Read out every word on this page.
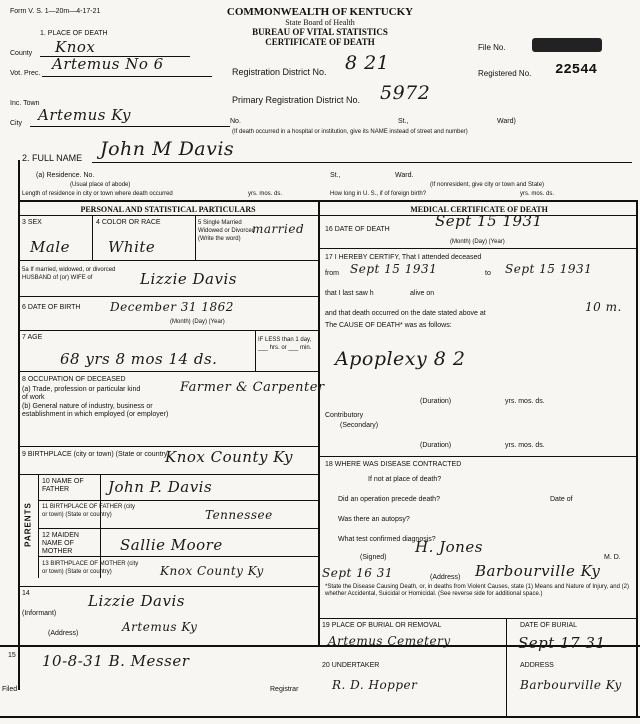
Form V. S. 1—20m—4-17-21	COMMONWEALTH OF KENTUCKY
State Board of Health
BUREAU OF VITAL STATISTICS
CERTIFICATE OF DEATH
1. PLACE OF DEATH
County Knox
Vot. Prec.
Artemus No 6	Registration District No. 8 21
File No.
Registered No. 22544
Inc. Town	Primary Registration District No. 5972
City Artemus Ky	No.	St.,	Ward)
(If death occurred in a hospital or institution, give its NAME instead of street and number)
2. FULL NAME John M Davis
(a) Residence. No.	St.,	Ward.
(Usual place of abode)	(If nonresident, give city or town and State)
Length of residence in city or town where death occurred	yrs. mos. ds.	How long in U. S., if of foreign birth?	yrs. mos. ds.
PERSONAL AND STATISTICAL PARTICULARS	MEDICAL CERTIFICATE OF DEATH
3 SEX
Male
4 COLOR OR RACE
White
5 Single Married Widowed or Divorced (Write the word)
married
5a If married, widowed, or divorced HUSBAND of (or) WIFE of	Lizzie Davis
6 DATE OF BIRTH December 31 1862
(Month) (Day) (Year)
7 AGE
68 yrs 8 mos 14 ds.
IF LESS than 1 day, ___ hrs. or ___ min.
8 OCCUPATION OF DECEASED
(a) Trade, profession or particular kind of work
Farmer & Carpenter
(b) General nature of industry, business or establishment in which employed (or employer)
9 BIRTHPLACE (city or town) (State or country)
Knox County Ky
PARENTS
10 NAME OF FATHER	John P. Davis
11 BIRTHPLACE OF FATHER (city or town) (State or country)	Tennessee
12 MAIDEN NAME OF MOTHER	Sallie Moore
13 BIRTHPLACE OF MOTHER (city or town) (State or country)	Knox County Ky
14	Lizzie Davis
(Informant)
(Address)	Artemus Ky
15
Filed
10-8-31 B. Messer
Registrar
16 DATE OF DEATH	Sept 15 1931
(Month) (Day) (Year)
17 I HEREBY CERTIFY, That I attended deceased
from Sept 15 1931	to Sept 15 1931
that I last saw h	alive on
and that death occurred on the date stated above at	10 m.
The CAUSE OF DEATH* was as follows:
Apoplexy 8 2
(Duration)	yrs. mos. ds.
Contributory
(Secondary)
(Duration)	yrs. mos. ds.
18 WHERE WAS DISEASE CONTRACTED
If not at place of death?
Did an operation precede death?	Date of
Was there an autopsy?
What test confirmed diagnosis?
(Signed)
H. Jones
M. D.
Sept 16 31	(Address) Barbourville Ky
*State the Disease Causing Death, or, in deaths from Violent Causes, state (1) Means and Nature of Injury, and (2) whether Accidental, Suicidal or Homicidal. (See reverse side for additional space.)
19 PLACE OF BURIAL OR REMOVAL	DATE OF BURIAL
Artemus Cemetery	Sept 17 31
20 UNDERTAKER	ADDRESS
R. D. Hopper	Barbourville Ky
